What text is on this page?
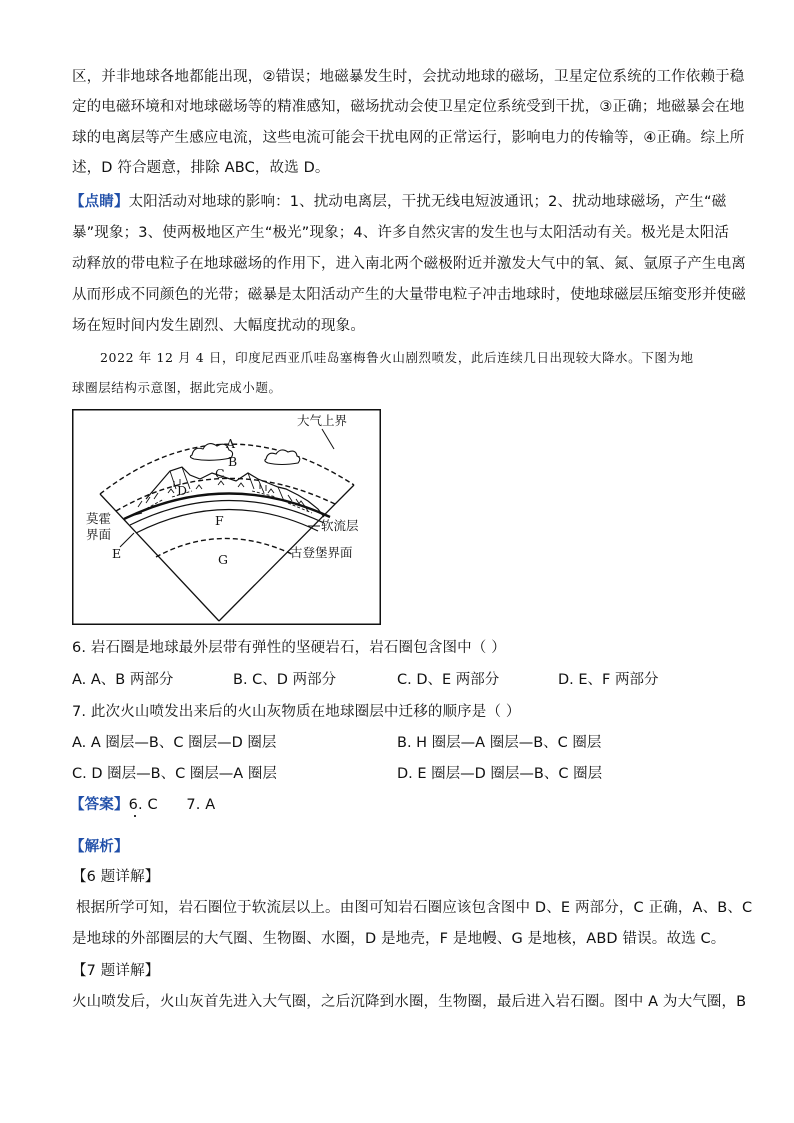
区，并非地球各地都能出现，②错误；地磁暴发生时，会扰动地球的磁场，卫星定位系统的工作依赖于稳
定的电磁环境和对地球磁场等的精准感知，磁场扰动会使卫星定位系统受到干扰，③正确；地磁暴会在地
球的电离层等产生感应电流，这些电流可能会干扰电网的正常运行，影响电力的传输等，④正确。综上所
述，D 符合题意，排除 ABC，故选 D。
【点睛】太阳活动对地球的影响：1、扰动电离层，干扰无线电短波通讯；2、扰动地球磁场，产生“磁
暴”现象；3、使两极地区产生“极光”现象；4、许多自然灾害的发生也与太阳活动有关。极光是太阳活
动释放的带电粒子在地球磁场的作用下，进入南北两个磁极附近并激发大气中的氧、氮、氩原子产生电离
从而形成不同颜色的光带；磁暴是太阳活动产生的大量带电粒子冲击地球时，使地球磁层压缩变形并使磁
场在短时间内发生剧烈、大幅度扰动的现象。
2022 年 12 月 4 日，印度尼西亚爪哇岛塞梅鲁火山剧烈喷发，此后连续几日出现较大降水。下图为地
球圈层结构示意图，据此完成小题。
大气上界
A
B
C
D
F
G
莫霍
界面
E
软流层
古登堡界面
6. 岩石圈是地球最外层带有弹性的坚硬岩石，岩石圈包含图中（ ）
A. A、B 两部分	B. C、D 两部分	C. D、E 两部分	D. E、F 两部分
7. 此次火山喷发出来后的火山灰物质在地球圈层中迁移的顺序是（ ）
A. A 圈层—B、C 圈层—D 圈层	B. H 圈层—A 圈层—B、C 圈层
C. D 圈层—B、C 圈层—A 圈层	D. E 圈层—D 圈层—B、C 圈层
【答案】6. C      7. A
【解析】
【6 题详解】
根据所学可知，岩石圈位于软流层以上。由图可知岩石圈应该包含图中 D、E 两部分，C 正确，A、B、C
是地球的外部圈层的大气圈、生物圈、水圈，D 是地壳，F 是地幔、G 是地核，ABD 错误。故选 C。
【7 题详解】
火山喷发后，火山灰首先进入大气圈，之后沉降到水圈，生物圈，最后进入岩石圈。图中 A 为大气圈，B
